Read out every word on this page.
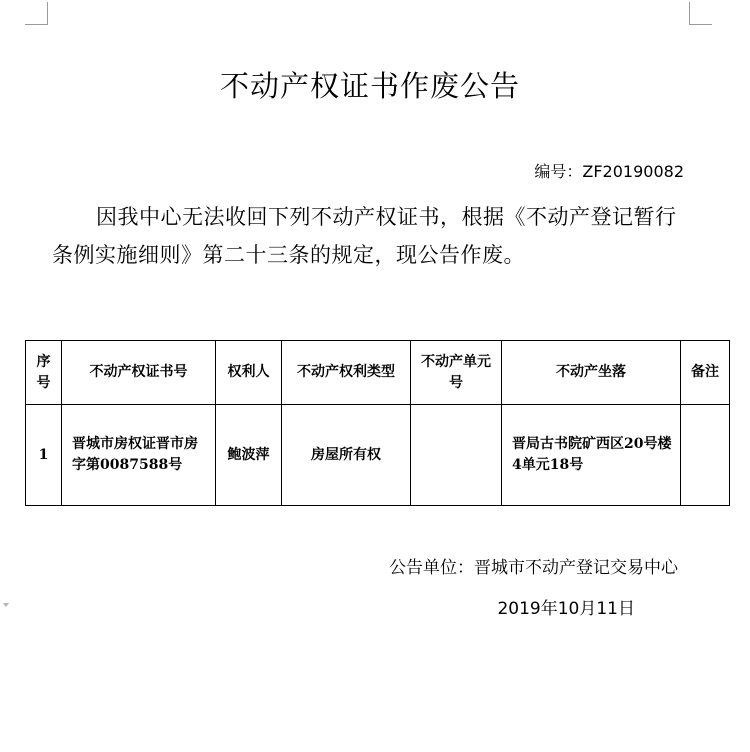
不动产权证书作废公告
编号：ZF20190082
因我中心无法收回下列不动产权证书，根据《不动产登记暂行条例实施细则》第二十三条的规定，现公告作废。
序号	不动产权证书号	权利人	不动产权利类型	不动产单元号	不动产坐落	备注
1	晋城市房权证晋市房字第0087588号	鲍波萍	房屋所有权		晋局古书院矿西区20号楼4单元18号	
公告单位：晋城市不动产登记交易中心
2019年10月11日
